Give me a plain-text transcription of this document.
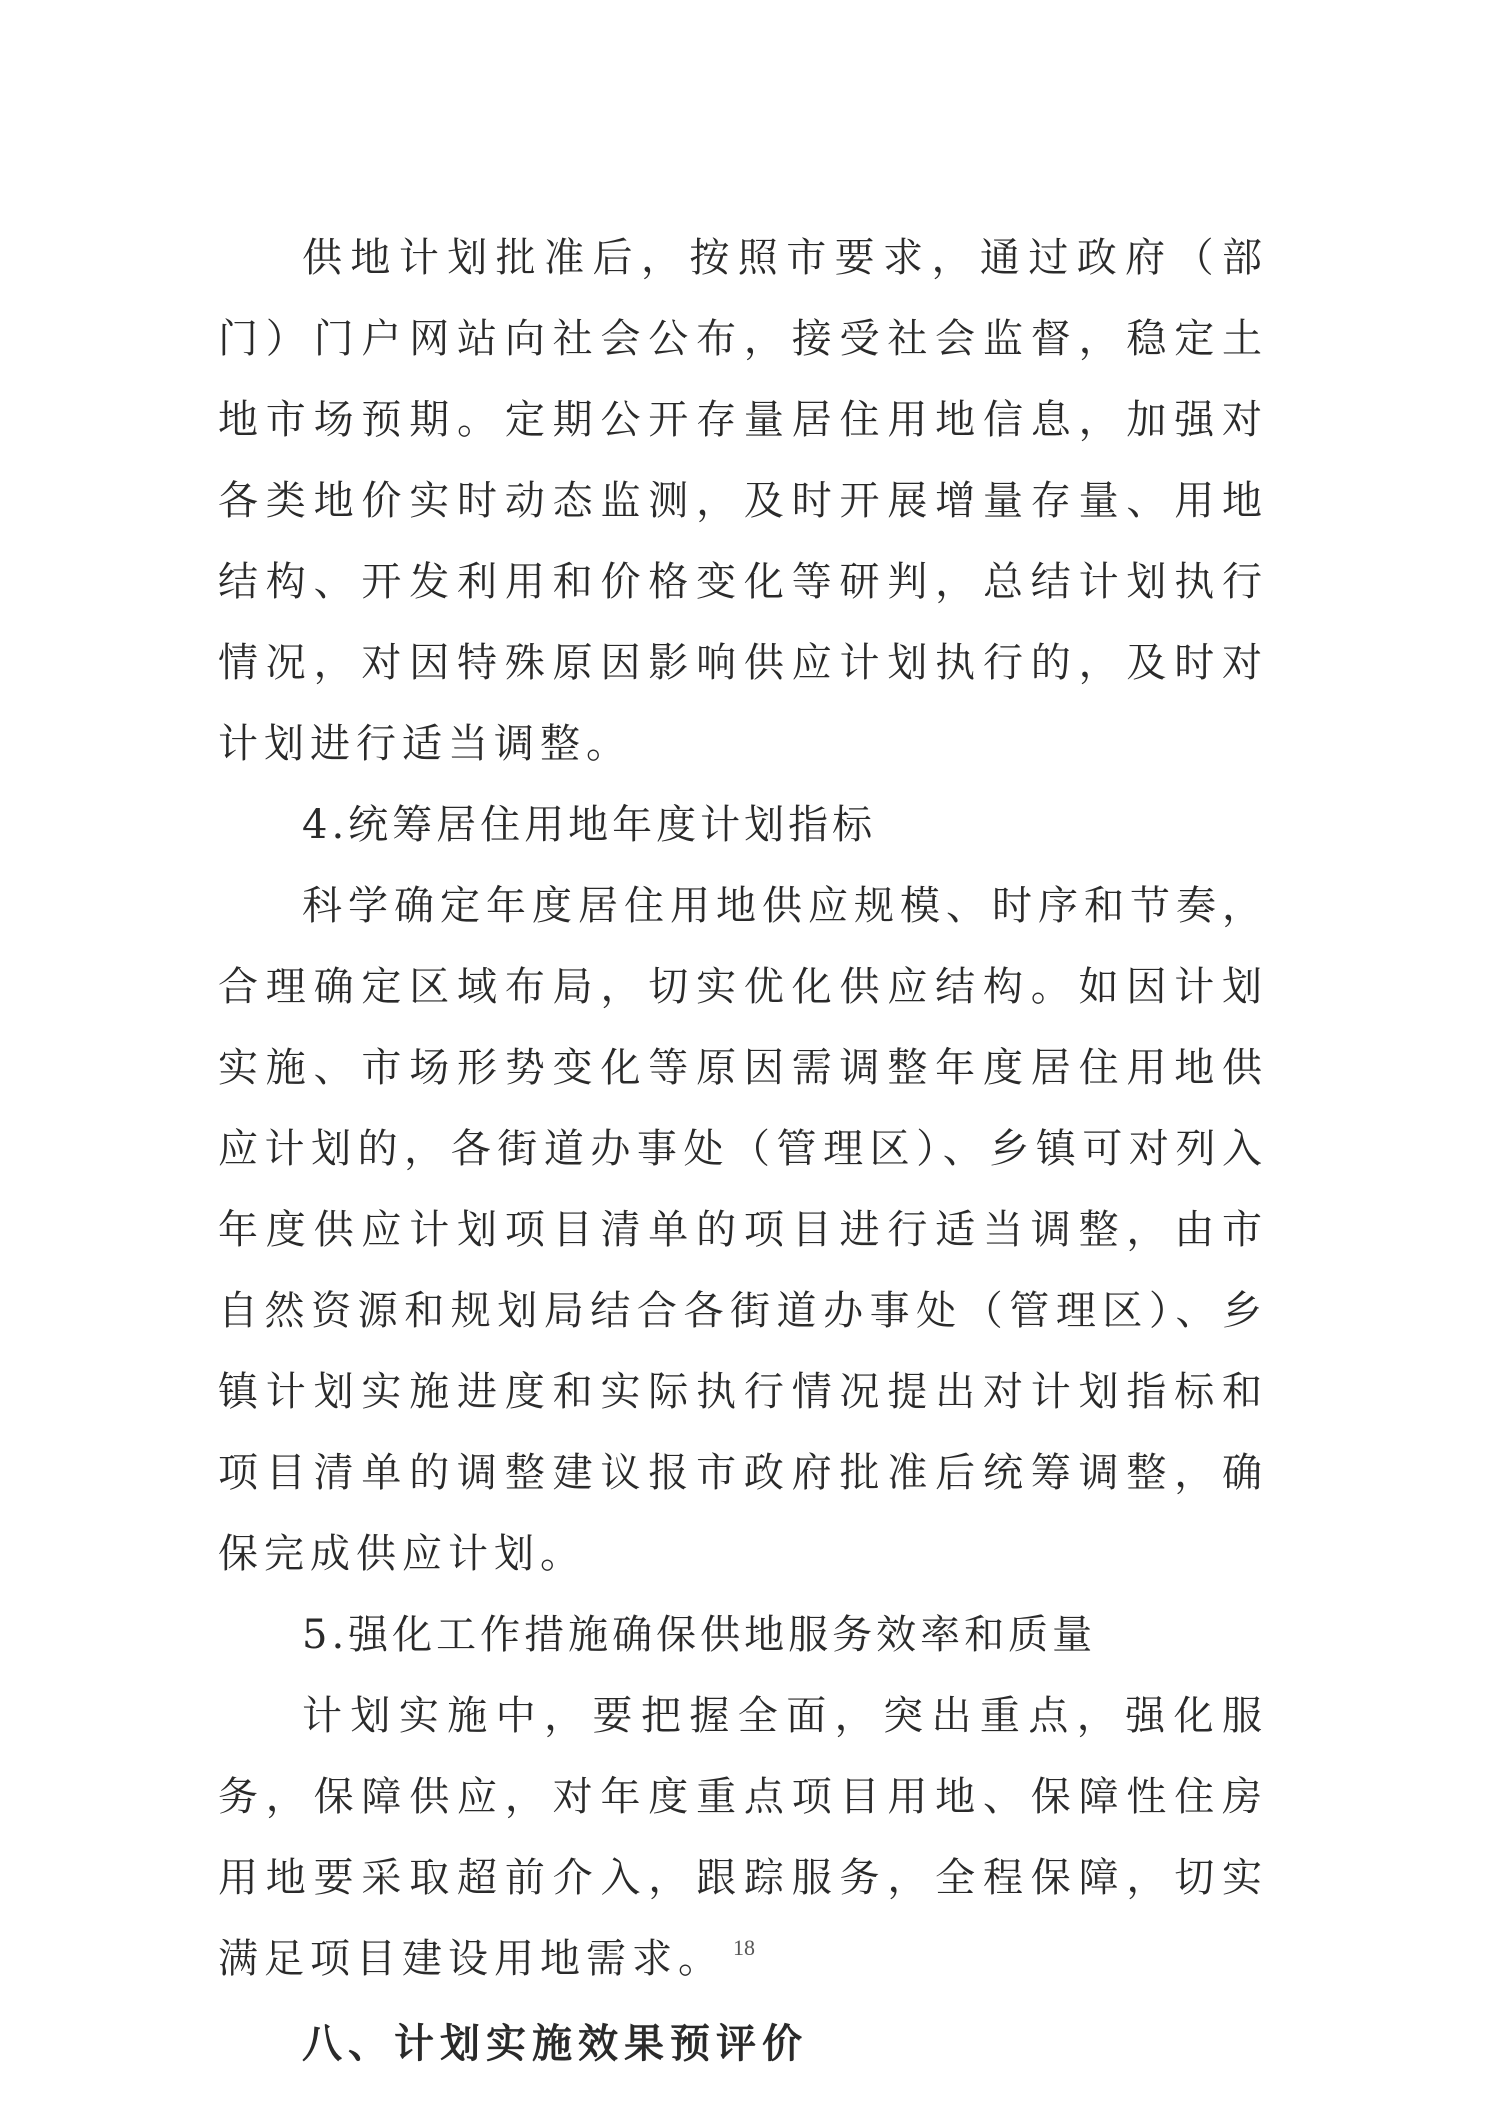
供地计划批准后，按照市要求，通过政府（部门）门户网站向社会公布，接受社会监督，稳定土地市场预期。定期公开存量居住用地信息，加强对各类地价实时动态监测，及时开展增量存量、用地结构、开发利用和价格变化等研判，总结计划执行情况，对因特殊原因影响供应计划执行的，及时对计划进行适当调整。

4.统筹居住用地年度计划指标

科学确定年度居住用地供应规模、时序和节奏，合理确定区域布局，切实优化供应结构。如因计划实施、市场形势变化等原因需调整年度居住用地供应计划的，各街道办事处（管理区）、乡镇可对列入年度供应计划项目清单的项目进行适当调整，由市自然资源和规划局结合各街道办事处（管理区）、乡镇计划实施进度和实际执行情况提出对计划指标和项目清单的调整建议报市政府批准后统筹调整，确保完成供应计划。

5.强化工作措施确保供地服务效率和质量

计划实施中，要把握全面，突出重点，强化服务，保障供应，对年度重点项目用地、保障性住房用地要采取超前介入，跟踪服务，全程保障，切实满足项目建设用地需求。

八、计划实施效果预评价

18
